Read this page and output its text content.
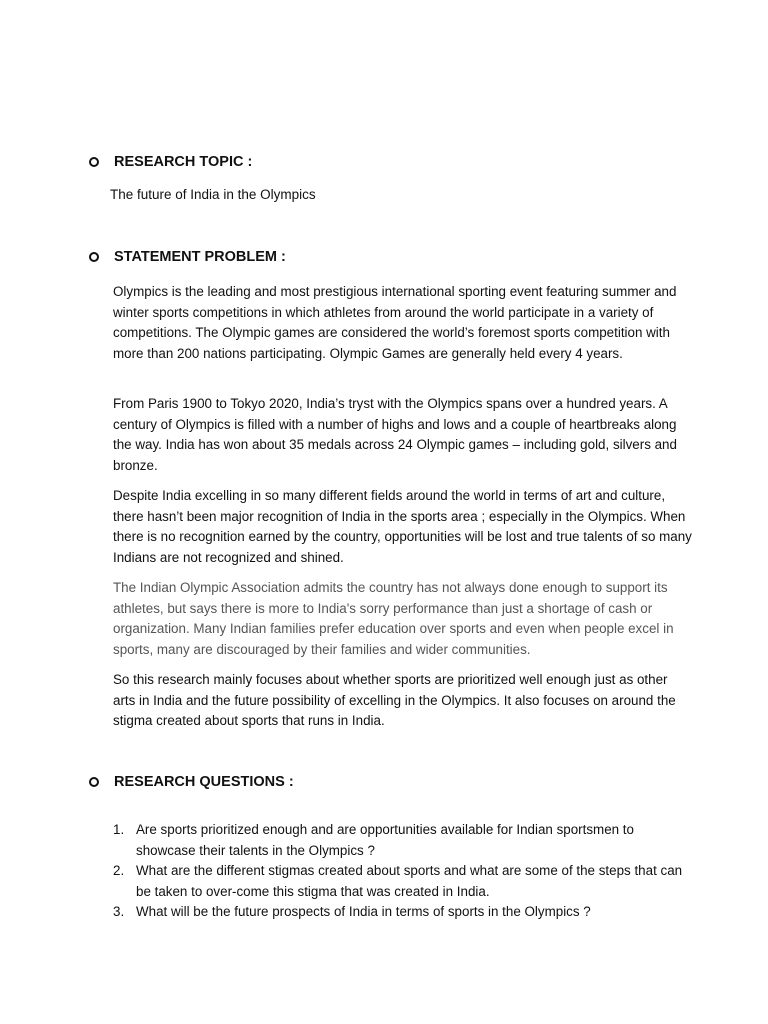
RESEARCH TOPIC :
The future of India in the Olympics
STATEMENT PROBLEM :

Olympics is the leading and most prestigious international sporting event featuring summer and winter sports competitions in which athletes from around the world participate in a variety of competitions. The Olympic games are considered the world’s foremost sports competition with more than 200 nations participating. Olympic Games are generally held every 4 years.

From Paris 1900 to Tokyo 2020, India’s tryst with the Olympics spans over a hundred years. A century of Olympics is filled with a number of highs and lows and a couple of heartbreaks along the way. India has won about 35 medals across 24 Olympic games – including gold, silvers and bronze.

Despite India excelling in so many different fields around the world in terms of art and culture, there hasn’t been major recognition of India in the sports area ; especially in the Olympics. When there is no recognition earned by the country, opportunities will be lost and true talents of so many Indians are not recognized and shined.

The Indian Olympic Association admits the country has not always done enough to support its athletes, but says there is more to India's sorry performance than just a shortage of cash or organization. Many Indian families prefer education over sports and even when people excel in sports, many are discouraged by their families and wider communities.

So this research mainly focuses about whether sports are prioritized well enough just as other arts in India and the future possibility of excelling in the Olympics. It also focuses on around the stigma created about sports that runs in India.

RESEARCH QUESTIONS :
1. Are sports prioritized enough and are opportunities available for Indian sportsmen to showcase their talents in the Olympics ?
2. What are the different stigmas created about sports and what are some of the steps that can be taken to over-come this stigma that was created in India.
3. What will be the future prospects of India in terms of sports in the Olympics ?
